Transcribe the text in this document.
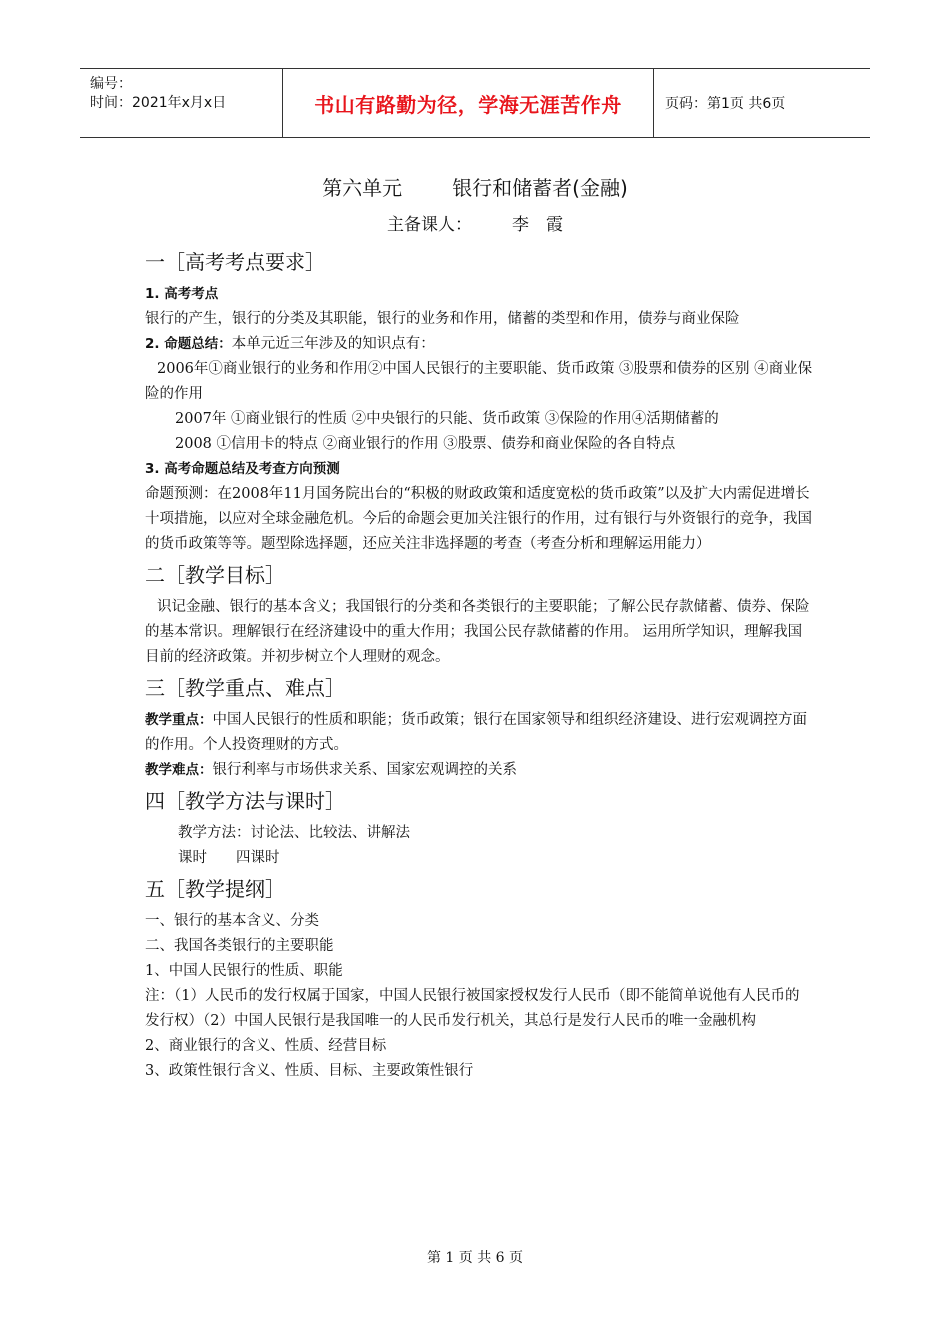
编号：
时间：2021年x月x日	书山有路勤为径，学海无涯苦作舟	页码：第1页 共6页
第六单元	银行和储蓄者(金融)
主备课人： 李　霞

一［高考考点要求］

1. 高考考点

银行的产生，银行的分类及其职能，银行的业务和作用，储蓄的类型和作用，债券与商业保险

2. 命题总结：本单元近三年涉及的知识点有：

2006年①商业银行的业务和作用②中国人民银行的主要职能、货币政策 ③股票和债券的区别 ④商业保险的作用

2007年 ①商业银行的性质 ②中央银行的只能、货币政策 ③保险的作用④活期储蓄的

2008 ①信用卡的特点 ②商业银行的作用 ③股票、债券和商业保险的各自特点

3. 高考命题总结及考查方向预测

命题预测：在2008年11月国务院出台的“积极的财政政策和适度宽松的货币政策”以及扩大内需促进增长十项措施，以应对全球金融危机。今后的命题会更加关注银行的作用，过有银行与外资银行的竞争，我国的货币政策等等。题型除选择题，还应关注非选择题的考查（考查分析和理解运用能力）

二［教学目标］

识记金融、银行的基本含义；我国银行的分类和各类银行的主要职能；了解公民存款储蓄、债券、保险的基本常识。理解银行在经济建设中的重大作用；我国公民存款储蓄的作用。 运用所学知识，理解我国目前的经济政策。并初步树立个人理财的观念。

三［教学重点、难点］

教学重点：中国人民银行的性质和职能；货币政策；银行在国家领导和组织经济建设、进行宏观调控方面的作用。个人投资理财的方式。

教学难点：银行利率与市场供求关系、国家宏观调控的关系

四［教学方法与课时］

教学方法：讨论法、比较法、讲解法

课时　　四课时

五［教学提纲］

一、银行的基本含义、分类

二、我国各类银行的主要职能

1、中国人民银行的性质、职能

注：（1）人民币的发行权属于国家，中国人民银行被国家授权发行人民币（即不能简单说他有人民币的发行权）（2）中国人民银行是我国唯一的人民币发行机关，其总行是发行人民币的唯一金融机构

2、商业银行的含义、性质、经营目标

3、政策性银行含义、性质、目标、主要政策性银行

第 1 页 共 6 页
